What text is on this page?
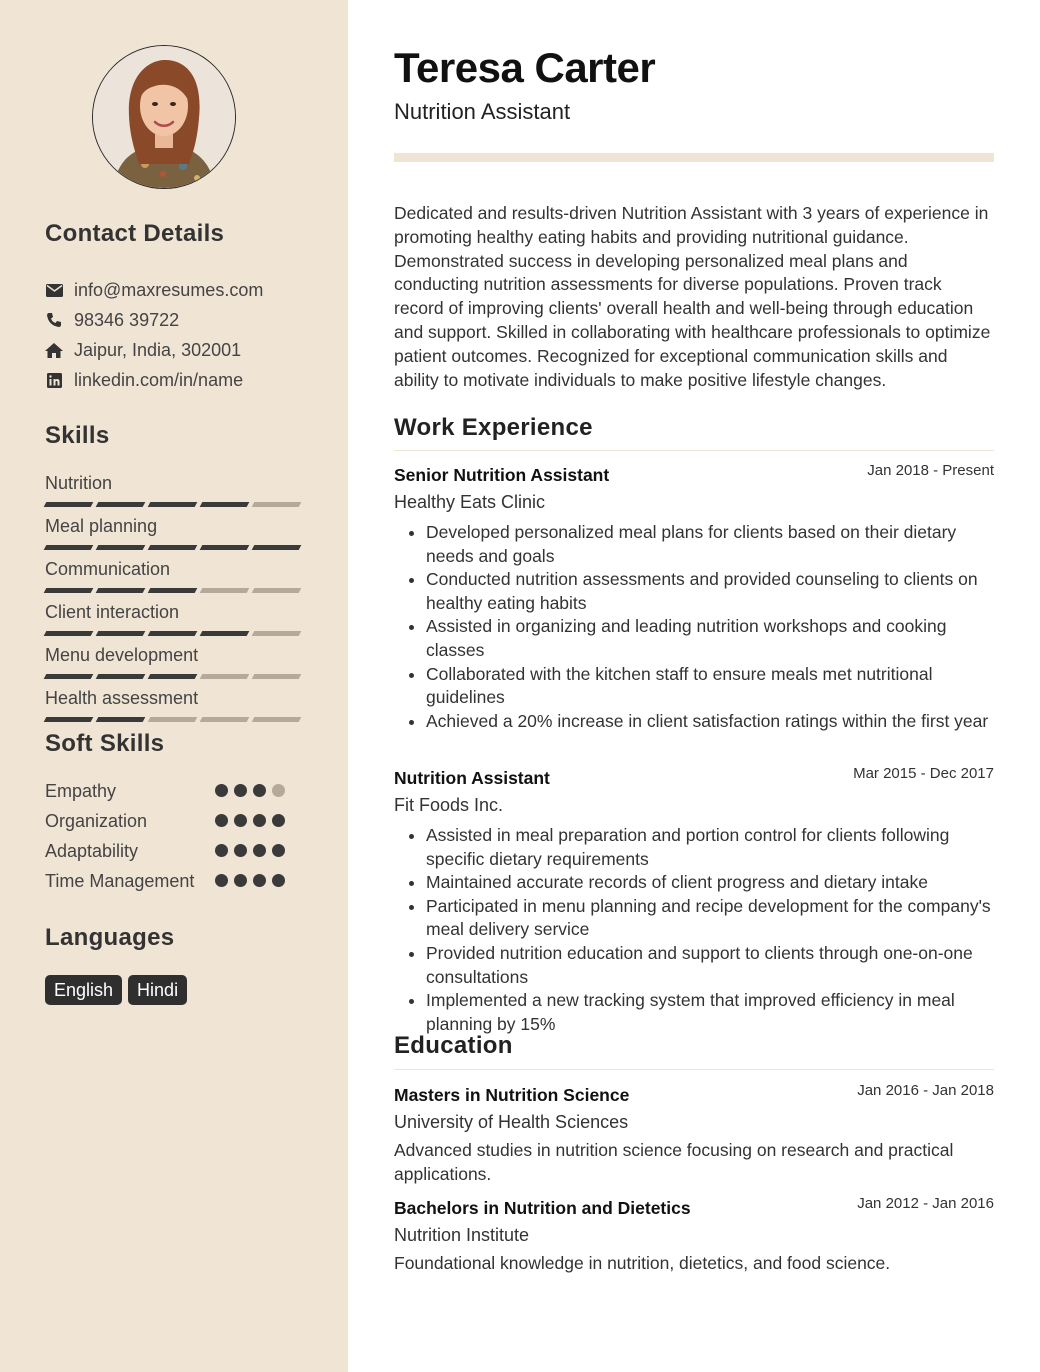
Contact Details
info@maxresumes.com
98346 39722
Jaipur, India, 302001
linkedin.com/in/name
Skills
Nutrition
Meal planning
Communication
Client interaction
Menu development
Health assessment
Soft Skills
Empathy
Organization
Adaptability
Time Management
Languages
English	Hindi
Teresa Carter
Nutrition Assistant

Dedicated and results-driven Nutrition Assistant with 3 years of experience in promoting healthy eating habits and providing nutritional guidance. Demonstrated success in developing personalized meal plans and conducting nutrition assessments for diverse populations. Proven track record of improving clients' overall health and well-being through education and support. Skilled in collaborating with healthcare professionals to optimize patient outcomes. Recognized for exceptional communication skills and ability to motivate individuals to make positive lifestyle changes.

Work Experience
Senior Nutrition Assistant	Jan 2018 - Present
Healthy Eats Clinic
• Developed personalized meal plans for clients based on their dietary needs and goals
• Conducted nutrition assessments and provided counseling to clients on healthy eating habits
• Assisted in organizing and leading nutrition workshops and cooking classes
• Collaborated with the kitchen staff to ensure meals met nutritional guidelines
• Achieved a 20% increase in client satisfaction ratings within the first year
Nutrition Assistant	Mar 2015 - Dec 2017
Fit Foods Inc.
• Assisted in meal preparation and portion control for clients following specific dietary requirements
• Maintained accurate records of client progress and dietary intake
• Participated in menu planning and recipe development for the company's meal delivery service
• Provided nutrition education and support to clients through one-on-one consultations
• Implemented a new tracking system that improved efficiency in meal planning by 15%
Education
Masters in Nutrition Science	Jan 2016 - Jan 2018
University of Health Sciences
Advanced studies in nutrition science focusing on research and practical applications.
Bachelors in Nutrition and Dietetics	Jan 2012 - Jan 2016
Nutrition Institute
Foundational knowledge in nutrition, dietetics, and food science.
